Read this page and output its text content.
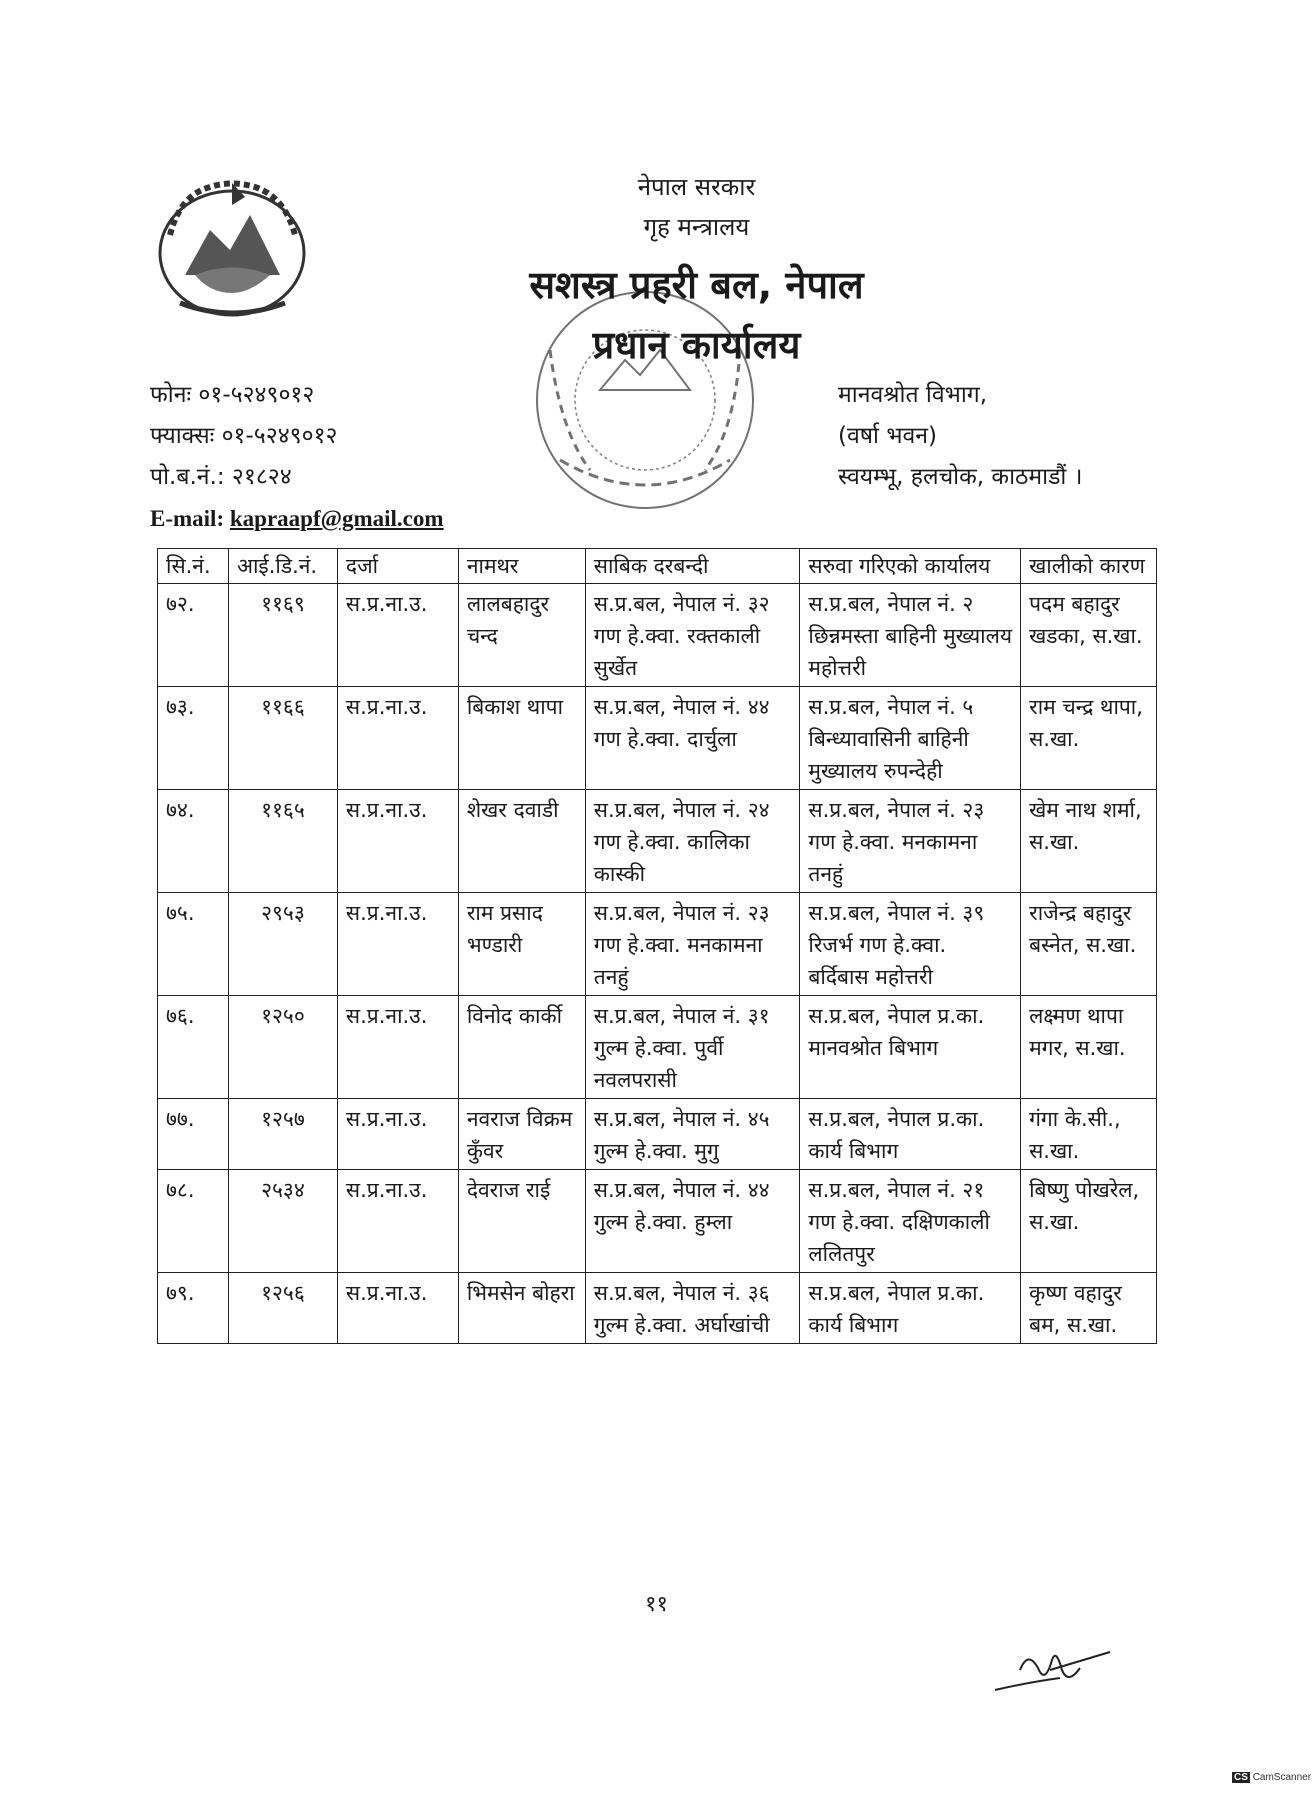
नेपाल सरकार
गृह मन्त्रालय
सशस्त्र प्रहरी बल, नेपाल
प्रधान कार्यालय
फोनः ०१-५२४९०१२
फ्याक्सः ०१-५२४९०१२
पो.ब.नं.: २१८२४
E-mail: kapraapf@gmail.com
मानवश्रोत विभाग,
(वर्षा भवन)
स्वयम्भू, हलचोक, काठमाडौं ।
सि.नं.	आई.डि.नं.	दर्जा	नामथर	साबिक दरबन्दी	सरुवा गरिएको कार्यालय	खालीको कारण
७२.	११६९	स.प्र.ना.उ.	लालबहादुर चन्द	स.प्र.बल, नेपाल नं. ३२ गण हे.क्वा. रक्तकाली सुर्खेत	स.प्र.बल, नेपाल नं. २ छिन्नमस्ता बाहिनी मुख्यालय महोत्तरी	पदम बहादुर खडका, स.खा.
७३.	११६६	स.प्र.ना.उ.	बिकाश थापा	स.प्र.बल, नेपाल नं. ४४ गण हे.क्वा. दार्चुला	स.प्र.बल, नेपाल नं. ५ बिन्ध्यावासिनी बाहिनी मुख्यालय रुपन्देही	राम चन्द्र थापा, स.खा.
७४.	११६५	स.प्र.ना.उ.	शेखर दवाडी	स.प्र.बल, नेपाल नं. २४ गण हे.क्वा. कालिका कास्की	स.प्र.बल, नेपाल नं. २३ गण हे.क्वा. मनकामना तनहुं	खेम नाथ शर्मा, स.खा.
७५.	२९५३	स.प्र.ना.उ.	राम प्रसाद भण्डारी	स.प्र.बल, नेपाल नं. २३ गण हे.क्वा. मनकामना तनहुं	स.प्र.बल, नेपाल नं. ३९ रिजर्भ गण हे.क्वा. बर्दिबास महोत्तरी	राजेन्द्र बहादुर बस्नेत, स.खा.
७६.	१२५०	स.प्र.ना.उ.	विनोद कार्की	स.प्र.बल, नेपाल नं. ३१ गुल्म हे.क्वा. पुर्वी नवलपरासी	स.प्र.बल, नेपाल प्र.का. मानवश्रोत बिभाग	लक्ष्मण थापा मगर, स.खा.
७७.	१२५७	स.प्र.ना.उ.	नवराज विक्रम कुँवर	स.प्र.बल, नेपाल नं. ४५ गुल्म हे.क्वा. मुगु	स.प्र.बल, नेपाल प्र.का. कार्य बिभाग	गंगा के.सी., स.खा.
७८.	२५३४	स.प्र.ना.उ.	देवराज राई	स.प्र.बल, नेपाल नं. ४४ गुल्म हे.क्वा. हुम्ला	स.प्र.बल, नेपाल नं. २१ गण हे.क्वा. दक्षिणकाली ललितपुर	बिष्णु पोखरेल, स.खा.
७९.	१२५६	स.प्र.ना.उ.	भिमसेन बोहरा	स.प्र.बल, नेपाल नं. ३६ गुल्म हे.क्वा. अर्घाखांची	स.प्र.बल, नेपाल प्र.का. कार्य बिभाग	कृष्ण वहादुर बम, स.खा.
११
CS CamScanner
